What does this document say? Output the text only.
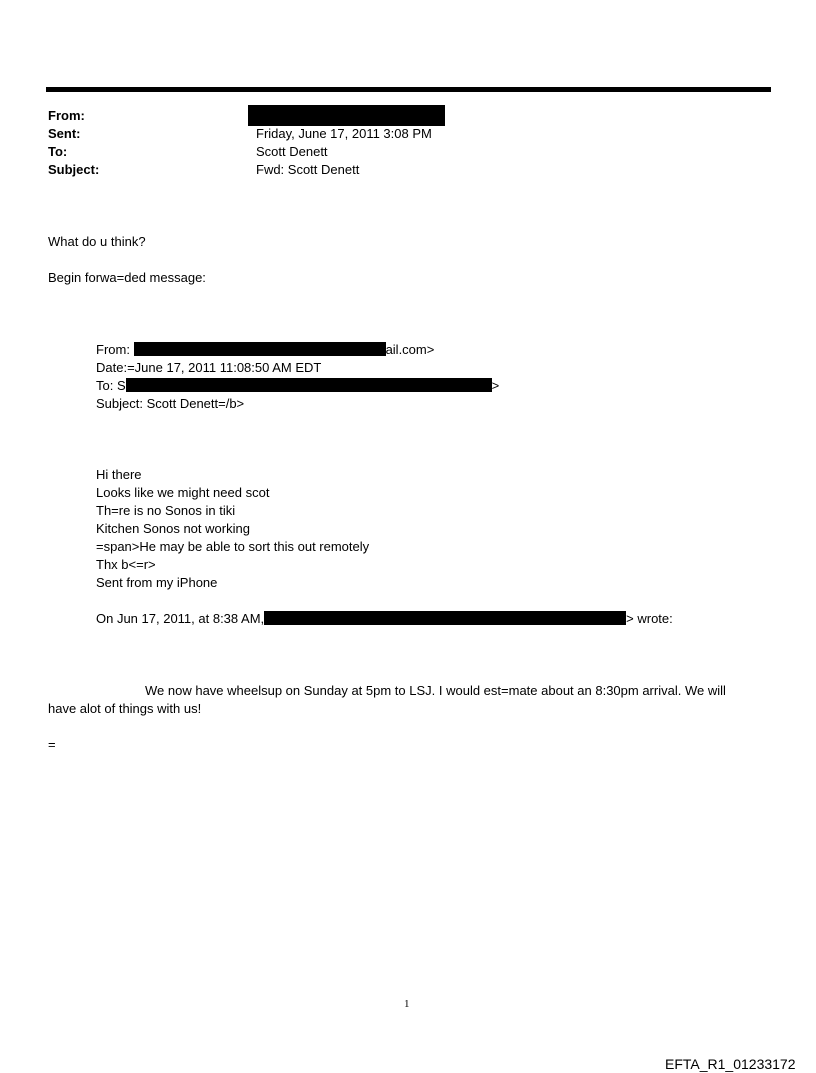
From:
Sent:	Friday, June 17, 2011 3:08 PM
To:	Scott Denett
Subject:	Fwd: Scott Denett
What do u think?
Begin forwa=ded message:
From:	ail.com>
Date:=June 17, 2011 11:08:50 AM EDT
To: S	>
Subject: Scott Denett=/b>
Hi there
Looks like we might need scot
Th=re is no Sonos in tiki
Kitchen Sonos not working
=span>He may be able to sort this out remotely
Thx b<=r>
Sent from my iPhone
On Jun 17, 2011, at 8:38 AM,	> wrote:
We now have wheelsup on Sunday at 5pm to LSJ. I would est=mate about an 8:30pm arrival. We will
have alot of things with us!
=
1
EFTA_R1_01233172
